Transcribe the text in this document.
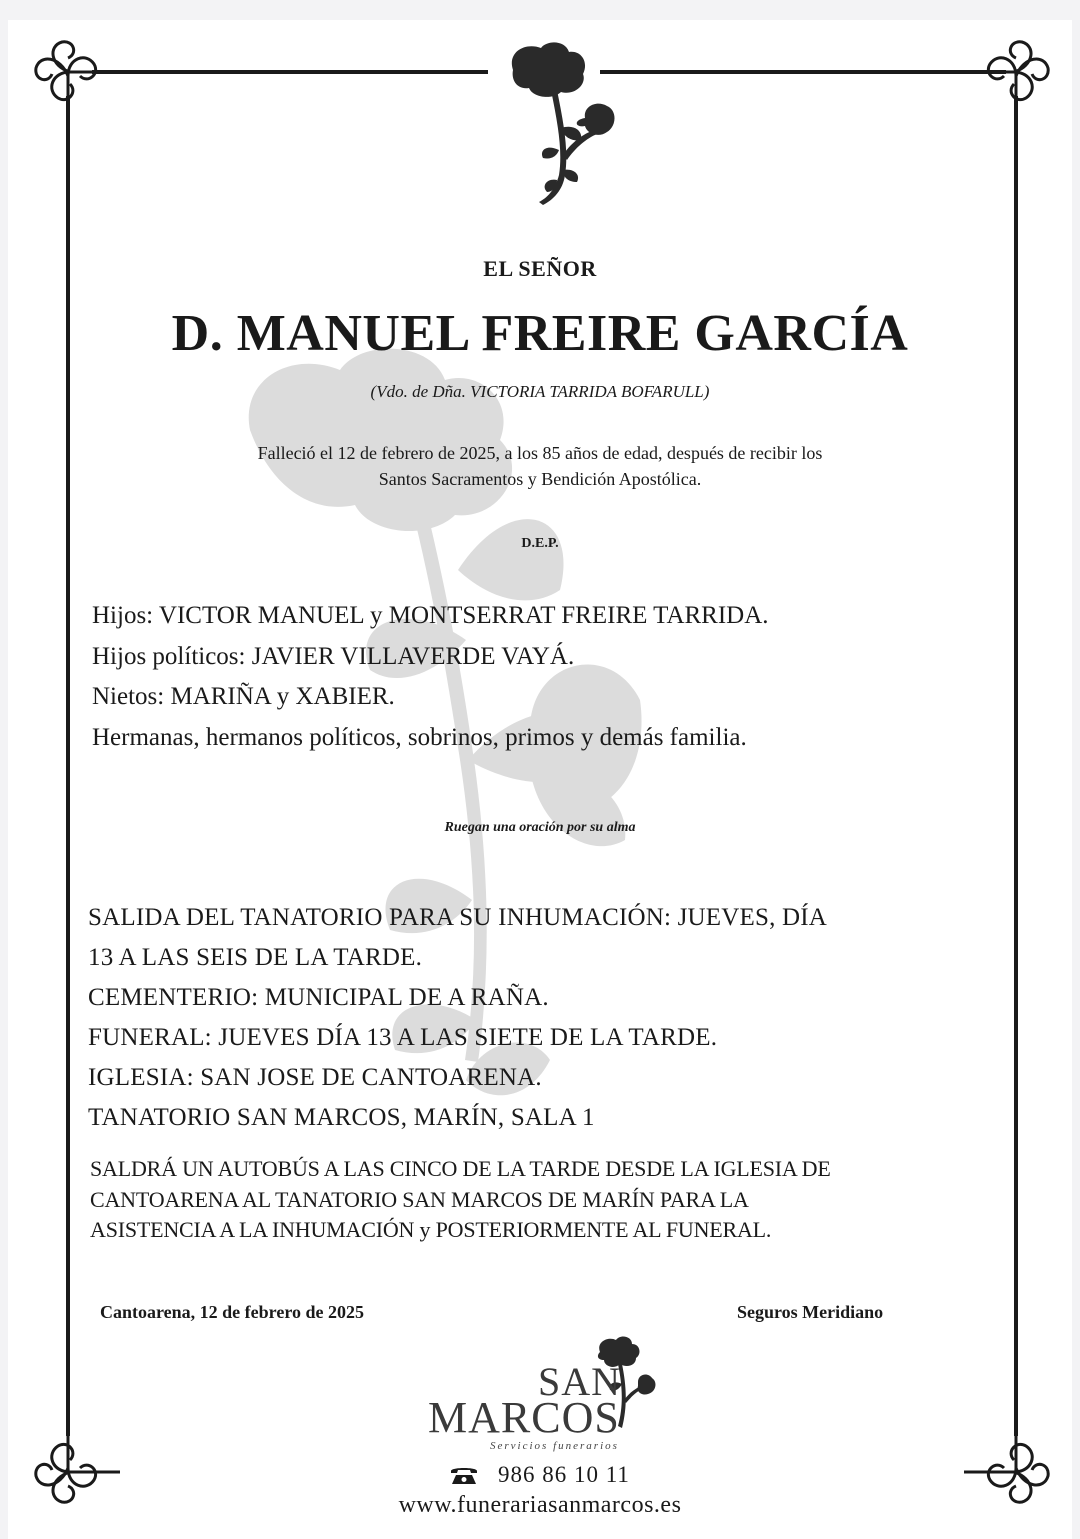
EL SEÑOR
D. MANUEL FREIRE GARCÍA
(Vdo. de Dña. VICTORIA TARRIDA BOFARULL)
Falleció el 12 de febrero de 2025, a los 85 años de edad, después de recibir los
Santos Sacramentos y Bendición Apostólica.
D.E.P.
Hijos: VICTOR MANUEL y MONTSERRAT FREIRE TARRIDA.
Hijos políticos: JAVIER VILLAVERDE VAYÁ.
Nietos: MARIÑA y XABIER.
Hermanas, hermanos políticos, sobrinos, primos y demás familia.
Ruegan una oración por su alma
SALIDA DEL TANATORIO PARA SU INHUMACIÓN: JUEVES, DÍA
13 A LAS SEIS DE LA TARDE.
CEMENTERIO: MUNICIPAL DE A RAÑA.
FUNERAL: JUEVES DÍA 13 A LAS SIETE DE LA TARDE.
IGLESIA: SAN JOSE DE CANTOARENA.
TANATORIO SAN MARCOS, MARÍN, SALA 1
SALDRÁ UN AUTOBÚS A LAS CINCO DE LA TARDE DESDE LA IGLESIA DE
CANTOARENA AL TANATORIO SAN MARCOS DE MARÍN PARA LA
ASISTENCIA A LA INHUMACIÓN y POSTERIORMENTE AL FUNERAL.
Cantoarena, 12 de febrero de 2025	Seguros Meridiano
SAN
MARCOS
Servicios funerarios
986 86 10 11
www.funerariasanmarcos.es
